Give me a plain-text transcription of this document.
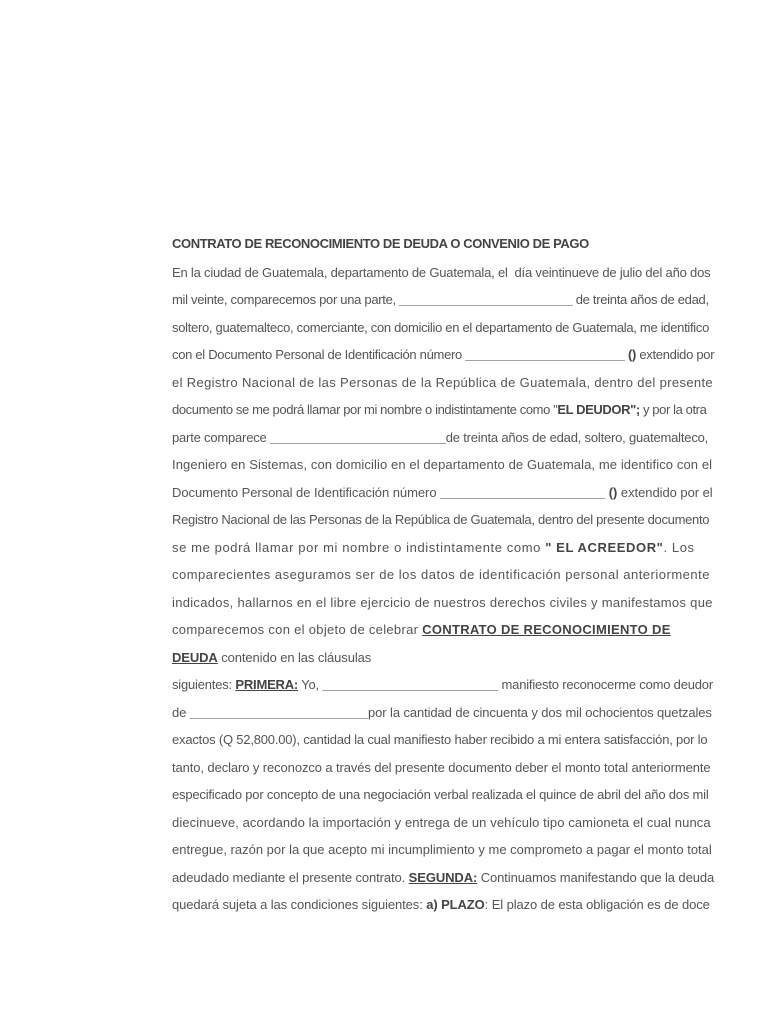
CONTRATO DE RECONOCIMIENTO DE DEUDA O CONVENIO DE PAGO
En la ciudad de Guatemala, departamento de Guatemala, el  día veintinueve de julio del año dos
mil veinte, comparecemos por una parte, _________________________ de treinta años de edad,
soltero, guatemalteco, comerciante, con domicilio en el departamento de Guatemala, me identifico
con el Documento Personal de Identificación número _______________________ () extendido por
el Registro Nacional de las Personas de la República de Guatemala, dentro del presente
documento se me podrá llamar por mi nombre o indistintamente como "EL DEUDOR"; y por la otra
parte comparece _________________________de treinta años de edad, soltero, guatemalteco,
Ingeniero en Sistemas, con domicilio en el departamento de Guatemala, me identifico con el
Documento Personal de Identificación número _______________________ () extendido por el
Registro Nacional de las Personas de la República de Guatemala, dentro del presente documento
se me podrá llamar por mi nombre o indistintamente como " EL ACREEDOR". Los
comparecientes aseguramos ser de los datos de identificación personal anteriormente
indicados, hallarnos en el libre ejercicio de nuestros derechos civiles y manifestamos que
comparecemos con el objeto de celebrar CONTRATO DE RECONOCIMIENTO DE
DEUDA contenido en las cláusulas
siguientes: PRIMERA: Yo, _________________________ manifiesto reconocerme como deudor
de _________________________por la cantidad de cincuenta y dos mil ochocientos quetzales
exactos (Q 52,800.00), cantidad la cual manifiesto haber recibido a mi entera satisfacción, por lo
tanto, declaro y reconozco a través del presente documento deber el monto total anteriormente
especificado por concepto de una negociación verbal realizada el quince de abril del año dos mil
diecinueve, acordando la importación y entrega de un vehículo tipo camioneta el cual nunca
entregue, razón por la que acepto mi incumplimiento y me comprometo a pagar el monto total
adeudado mediante el presente contrato. SEGUNDA: Continuamos manifestando que la deuda
quedará sujeta a las condiciones siguientes: a) PLAZO: El plazo de esta obligación es de doce
